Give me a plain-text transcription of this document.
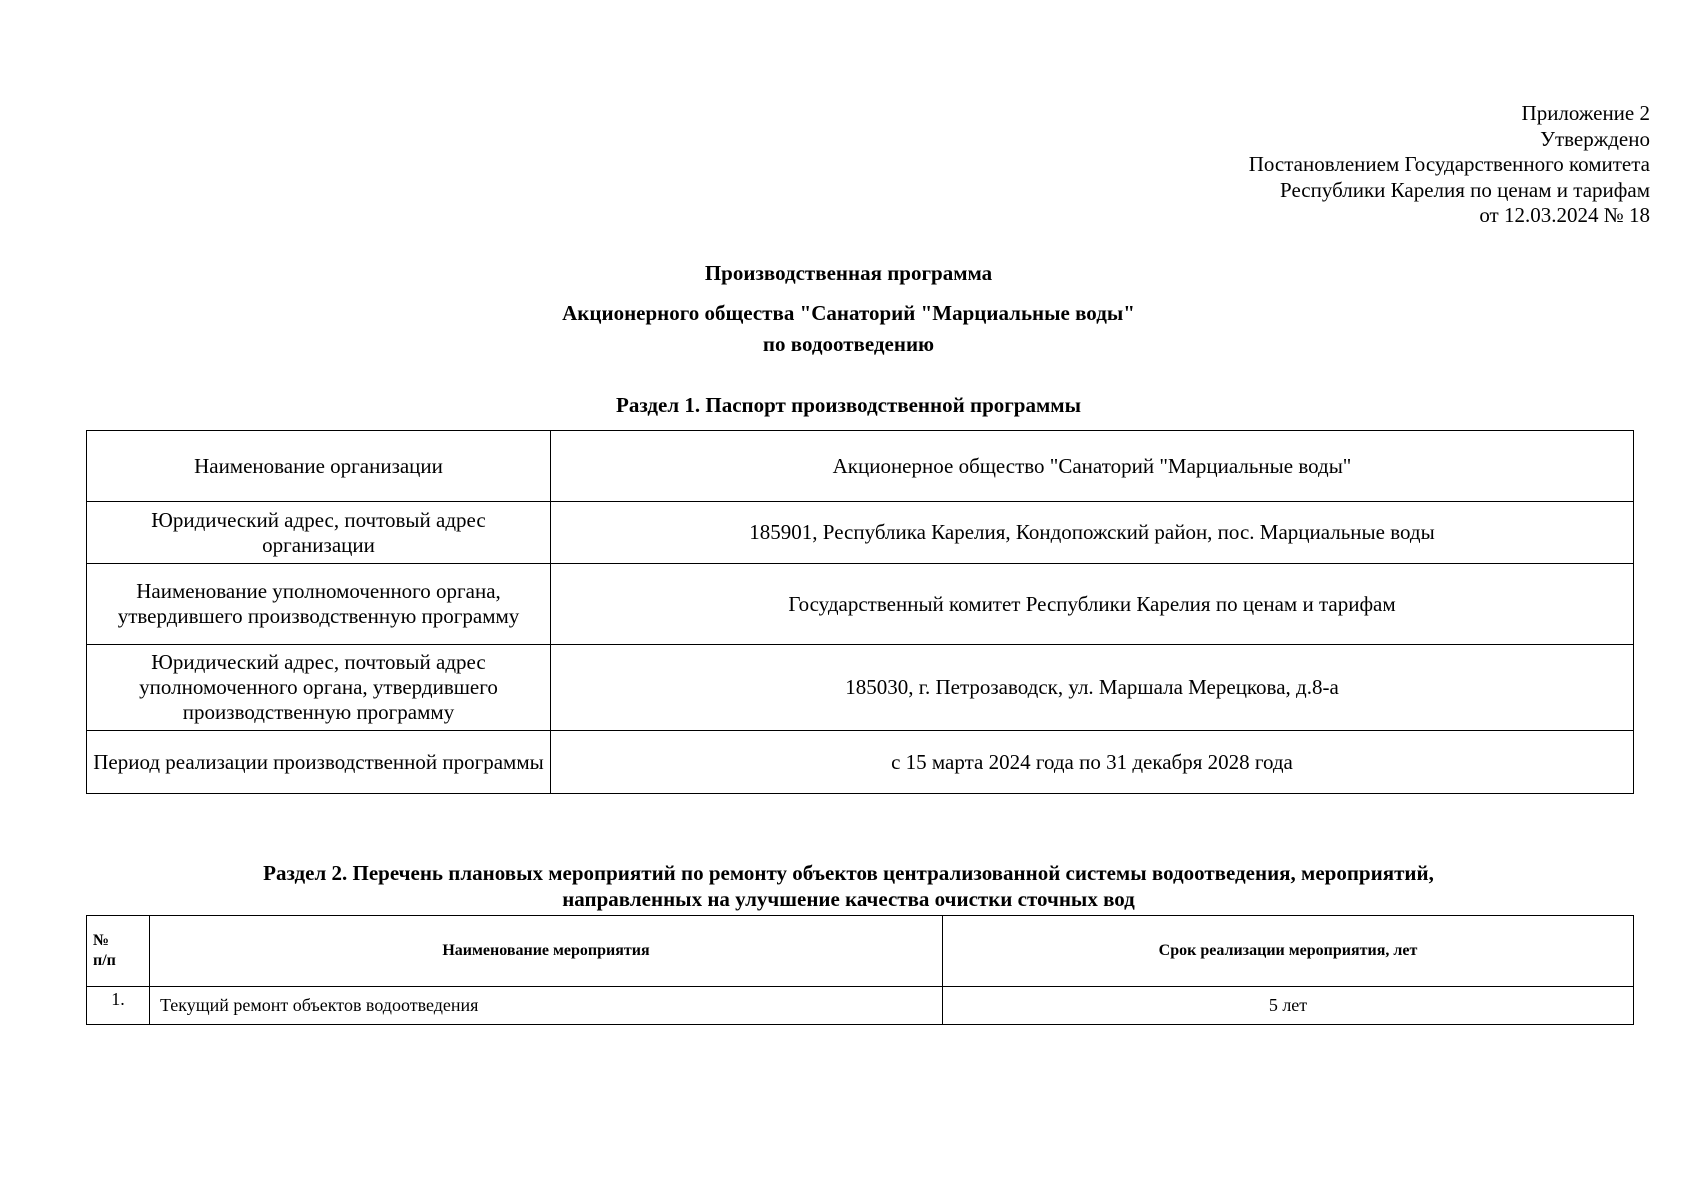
Приложение 2
Утверждено
Постановлением Государственного комитета
Республики Карелия по ценам и тарифам
от 12.03.2024 № 18
Производственная программа
Акционерного общества "Санаторий "Марциальные воды"
по водоотведению
Раздел 1. Паспорт производственной программы
Наименование организации	Акционерное общество "Санаторий "Марциальные воды"
Юридический адрес, почтовый адрес организации	185901, Республика Карелия, Кондопожский район, пос. Марциальные воды
Наименование уполномоченного органа, утвердившего производственную программу	Государственный комитет Республики Карелия по ценам и тарифам
Юридический адрес, почтовый адрес уполномоченного органа, утвердившего производственную программу	185030, г. Петрозаводск, ул. Маршала Мерецкова, д.8-а
Период реализации производственной программы	с 15 марта 2024 года по 31 декабря 2028 года
Раздел 2. Перечень плановых мероприятий по ремонту объектов централизованной системы водоотведения, мероприятий,
направленных на улучшение качества очистки сточных вод
№
п/п	Наименование мероприятия	Срок реализации мероприятия, лет
1.	Текущий ремонт объектов водоотведения	5 лет
